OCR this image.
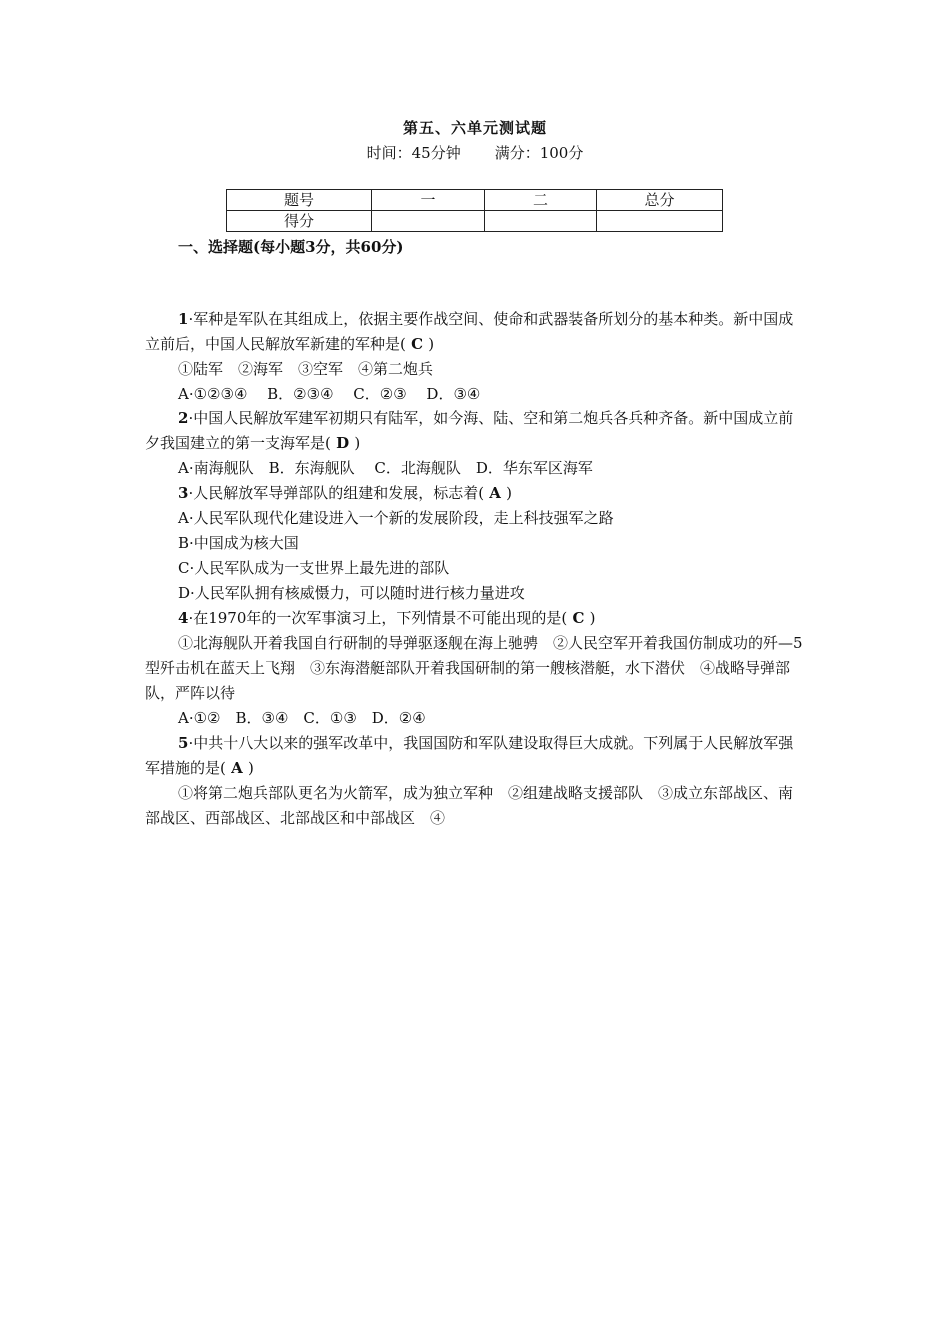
第五、六单元测试题
时间：45分钟 满分：100分
题号	一	二	总分
得分			
一、选择题(每小题3分，共60分)
1·军种是军队在其组成上，依据主要作战空间、使命和武器装备所划分的基本种类。新中国成立前后，中国人民解放军新建的军种是( C )
①陆军　②海军　③空军　④第二炮兵
A·①②③④　 B．②③④　 C．②③　 D．③④
2·中国人民解放军建军初期只有陆军，如今海、陆、空和第二炮兵各兵种齐备。新中国成立前夕我国建立的第一支海军是( D )
A·南海舰队　B．东海舰队　 C．北海舰队　D．华东军区海军
3·人民解放军导弹部队的组建和发展，标志着( A )
A·人民军队现代化建设进入一个新的发展阶段，走上科技强军之路
B·中国成为核大国
C·人民军队成为一支世界上最先进的部队
D·人民军队拥有核威慑力，可以随时进行核力量进攻
4·在1970年的一次军事演习上，下列情景不可能出现的是( C )
①北海舰队开着我国自行研制的导弹驱逐舰在海上驰骋　②人民空军开着我国仿制成功的歼—5型歼击机在蓝天上飞翔　③东海潜艇部队开着我国研制的第一艘核潜艇，水下潜伏　④战略导弹部队，严阵以待
A·①②　B．③④　C．①③　D．②④
5·中共十八大以来的强军改革中，我国国防和军队建设取得巨大成就。下列属于人民解放军强军措施的是( A )
①将第二炮兵部队更名为火箭军，成为独立军种　②组建战略支援部队　③成立东部战区、南部战区、西部战区、北部战区和中部战区　④
